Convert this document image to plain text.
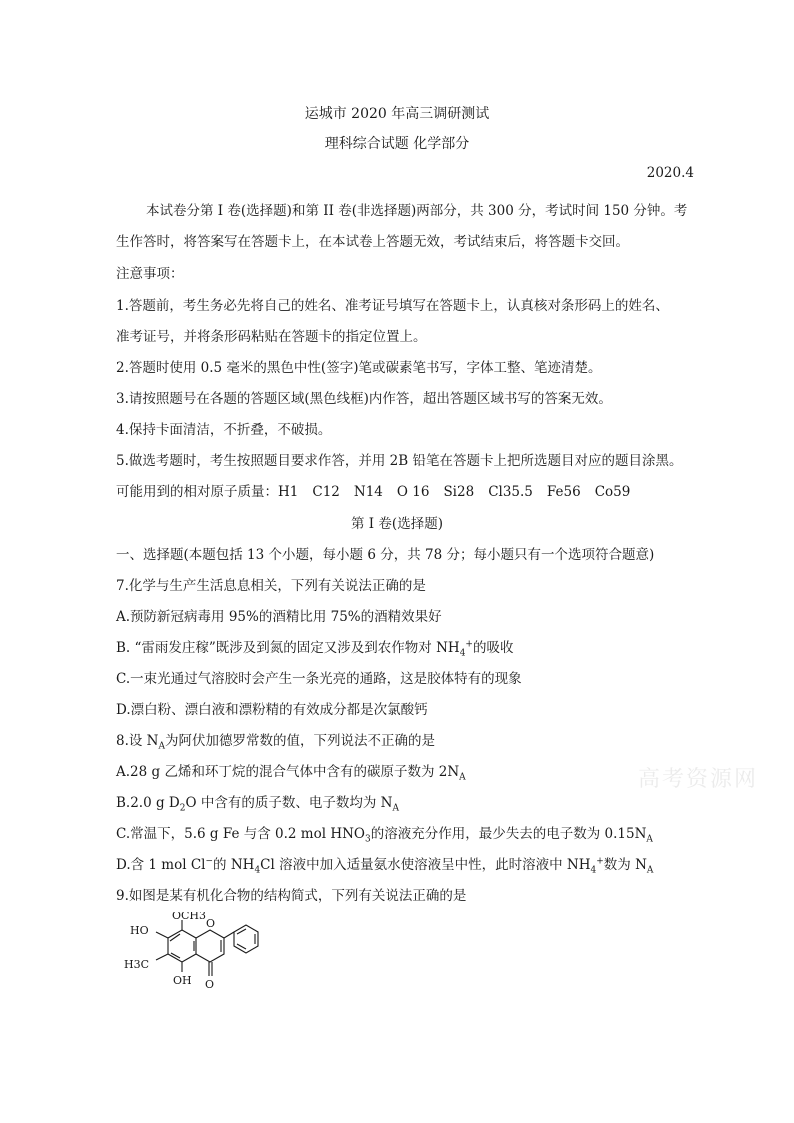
运城市 2020 年高三调研测试
理科综合试题 化学部分
2020.4
本试卷分第 I 卷(选择题)和第 II 卷(非选择题)两部分，共 300 分，考试时间 150 分钟。考
生作答时，将答案写在答题卡上，在本试卷上答题无效，考试结束后，将答题卡交回。
注意事项：
1.答题前，考生务必先将自己的姓名、准考证号填写在答题卡上，认真核对条形码上的姓名、
准考证号，并将条形码粘贴在答题卡的指定位置上。
2.答题时使用 0.5 毫米的黑色中性(签字)笔或碳素笔书写，字体工整、笔迹清楚。
3.请按照题号在各题的答题区域(黑色线框)内作答，超出答题区域书写的答案无效。
4.保持卡面清洁，不折叠，不破损。
5.做选考题时，考生按照题目要求作答，并用 2B 铅笔在答题卡上把所选题目对应的题目涂黑。
可能用到的相对原子质量：H1 C12 N14 O 16 Si28 Cl35.5 Fe56 Co59
第 I 卷(选择题)
一、选择题(本题包括 13 个小题，每小题 6 分，共 78 分；每小题只有一个选项符合题意)
7.化学与生产生活息息相关，下列有关说法正确的是
A.预防新冠病毒用 95%的酒精比用 75%的酒精效果好
B. “雷雨发庄稼”既涉及到氮的固定又涉及到农作物对 $NH_4^+$的吸收
C.一束光通过气溶胶时会产生一条光亮的通路，这是胶体特有的现象
D.漂白粉、漂白液和漂粉精的有效成分都是次氯酸钙
8.设 $N_A$为阿伏加德罗常数的值，下列说法不正确的是
A.28 g 乙烯和环丁烷的混合气体中含有的碳原子数为 $2N_A$
B.2.0 g $D_2O$ 中含有的质子数、电子数均为 $N_A$
C.常温下，5.6 g Fe 与含 0.2 mol $HNO_3$的溶液充分作用，最少失去的电子数为 $0.15N_A$
D.含 1 mol Cl−的 $NH_4Cl$ 溶液中加入适量氨水使溶液呈中性，此时溶液中 $NH_4^+$数为 $N_A$
9.如图是某有机化合物的结构简式，下列有关说法正确的是
高考资源网
OCH3
HO
H3C
OH
O
O
